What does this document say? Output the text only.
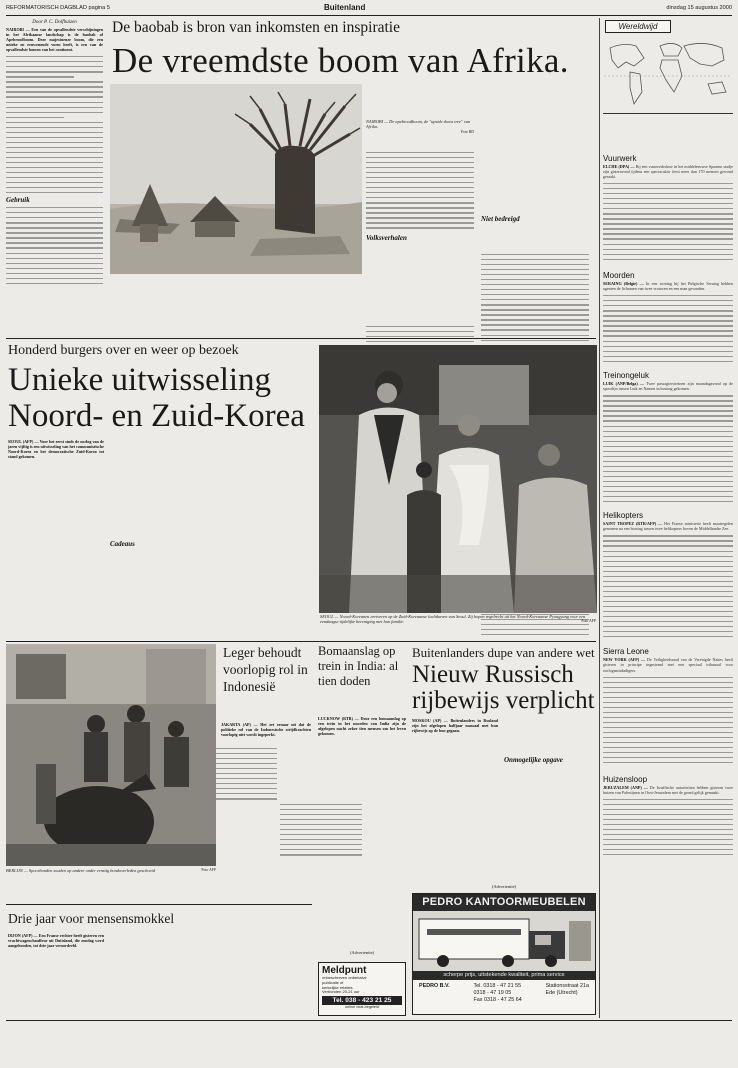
REFORMATORISCH DAGBLAD pagina 5	Buitenland	dinsdag 15 augustus 2000
Door P. C. Dolfhuizen
NAIROBI — Een van de opvallendste verschijningen in het Afrikaanse landschap is de baobab of Apebroodboom. Deze majestueuze boom, die een unieke en eeuwenoude vorm heeft, is een van de opvallendste bomen van het continent.
Gebruik
De baobab is bron van inkomsten en inspiratie
De vreemdste boom van Afrika.
NAIROBI — De apebroodboom, de "upside down tree" van Afrika.
Foto RD
Volksverhalen
Niet bedreigd
Honderd burgers over en weer op bezoek
Unieke uitwisseling
Noord- en Zuid-Korea
SEOUL — Noord-Koreanen arriveren op de Zuid-Koreaanse luchthaven van Seoul. Zij hopen regelrecht uit het Noord-Koreaanse Pyongyang voor een eendaagse tijdelijke hereniging met hun familie.	Foto AFP
SEOUL (AFP) — Voor het eerst sinds de oorlog van de jaren vijftig is een uitwisseling van het communistische Noord-Korea en het democratische Zuid-Korea tot stand gekomen.
Cadeaus
BERLIJN — Spoorbonden zouden op andere onder ernstig bondoverleden geschoeid	Foto AFP
Leger behoudt voorlopig rol in Indonesië
JAKARTA (AP) — Het zet ernaar uit dat de politieke rol van de Indonesische strijdkrachten voorlopig niet wordt ingeperkt.
Bomaanslag op trein in India: al tien doden
LUCKNOW (RTR) — Door een bomaanslag op een trein in het noorden van India zijn de afgelopen nacht zeker tien mensen om het leven gekomen.
Buitenlanders dupe van andere wet
Nieuw Russisch
rijbewijs verplicht
MOSKOU (AP) — Buitenlanders in Rusland zijn het afgelopen halfjaar massaal met hun rijbewijs op de bon gegaan.
Onmogelijke opgave
(Advertentie)
PEDRO KANTOORMEUBELEN
scherpe prijs, uitstekende kwaliteit, prima service
PEDRO B.V.	Tel. 0318 - 47 21 55
0318 - 47 19 05
Fax 0318 - 47 25 64
Stationsstraat 21a
Ede (Utrecht)
(Advertentie)
Meldpunt
onbeschreven onbehalve
publicatie of
kerkelijke relaties
Verbonden 20-21 uur
Tel. 038 - 423 21 25
online chat-begeleid
Drie jaar voor mensensmokkel
DIJON (AFP) — Een Franse rechter heeft gisteren een vrachtwagenchauffeur uit Duitsland, die zondag werd aangehouden, tot drie jaar veroordeeld.
Wereldwijd
Vuurwerk
ELCHE (DPA) — Bij een vuurwerkshow in het middeleeuwse Spaanse stadje zijn gisteravond tijdens een spectaculair feest meer dan 170 mensen gewond geraakt.
Moorden
SERAING (Belgie) — In een woning bij het Belgische Seraing hebben agenten de lichamen van twee vrouwen en een man gevonden.
Treinongeluk
LUIK (ANP/Belga) — Twee passagierstreinen zijn maandagavond op de spoorlijn tussen Luik en Namen in botsing gekomen.
Helikopters
SAINT TROPEZ (RTR/AFP) — Het Franse ministerie heeft maatregelen genomen na een botsing tussen twee helikopters boven de Middellandse Zee.
Sierra Leone
NEW YORK (AFP) — De Veiligheidsraad van de Verenigde Naties heeft gisteren in principe ingestemd met een speciaal tribunaal voor oorlogsmisdadigers.
Huizensloop
JERUZALEM (ANP) — De Israëlische autoriteiten hebben gisteren twee huizen van Palestijnen in Oost-Jeruzalem met de grond gelijk gemaakt.
